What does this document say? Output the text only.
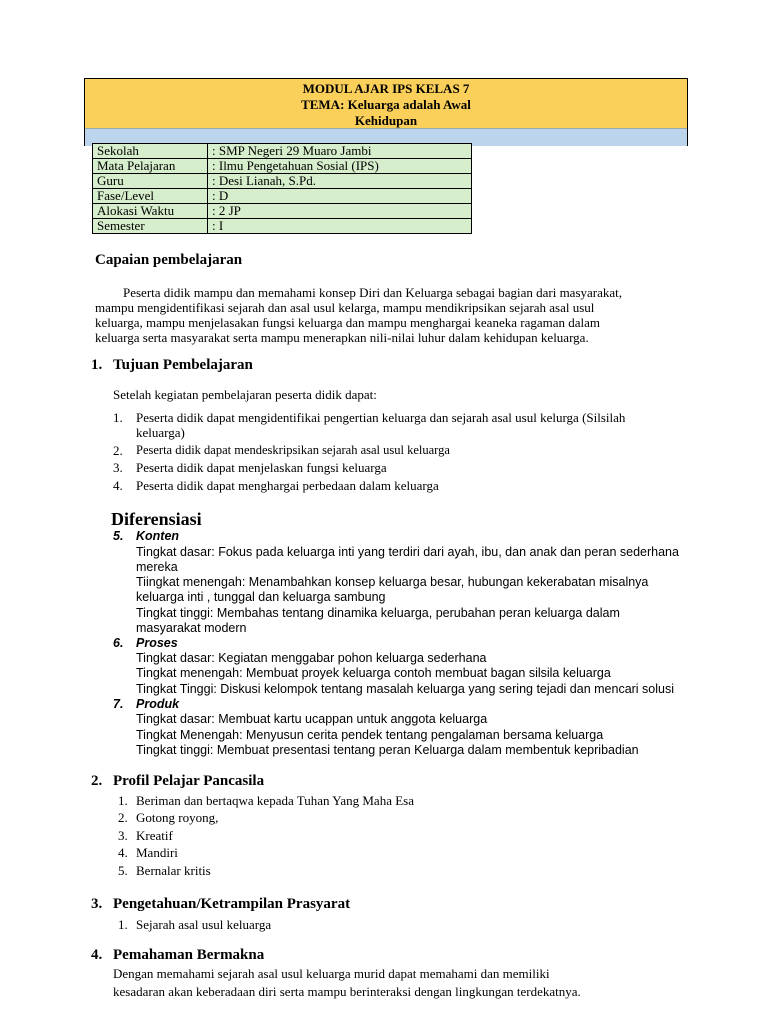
MODUL AJAR IPS KELAS 7
TEMA: Keluarga adalah Awal
Kehidupan
Sekolah	: SMP Negeri 29 Muaro Jambi
Mata Pelajaran	: Ilmu Pengetahuan Sosial (IPS)
Guru	: Desi Lianah, S.Pd.
Fase/Level	: D
Alokasi Waktu	: 2 JP
Semester	: I
Capaian pembelajaran
Peserta didik mampu dan memahami konsep Diri dan Keluarga sebagai bagian dari masyarakat,
mampu mengidentifikasi sejarah dan asal usul kelarga, mampu mendikripsikan sejarah asal usul
keluarga, mampu menjelasakan fungsi keluarga dan mampu menghargai keaneka ragaman dalam
keluarga serta masyarakat serta mampu menerapkan nili-nilai luhur dalam kehidupan keluarga.
1. Tujuan Pembelajaran
Setelah kegiatan pembelajaran peserta didik dapat:
1. Peserta didik dapat mengidentifikai pengertian keluarga dan sejarah asal usul kelurga (Silsilah
keluarga)
2. Peserta didik dapat mendeskripsikan sejarah asal usul keluarga
3. Peserta didik dapat menjelaskan fungsi keluarga
4. Peserta didik dapat menghargai perbedaan dalam keluarga
Diferensiasi
5. Konten
Tingkat dasar: Fokus pada keluarga inti yang terdiri dari ayah, ibu, dan anak dan peran sederhana
mereka
Tiingkat menengah: Menambahkan konsep keluarga besar, hubungan kekerabatan misalnya
keluarga inti , tunggal dan keluarga sambung
Tingkat tinggi: Membahas tentang dinamika keluarga, perubahan peran keluarga dalam
masyarakat modern
6. Proses
Tingkat dasar: Kegiatan menggabar pohon keluarga sederhana
Tingkat menengah: Membuat proyek keluarga contoh membuat bagan silsila keluarga
Tingkat Tinggi: Diskusi kelompok tentang masalah keluarga yang sering tejadi dan mencari solusi
7. Produk
Tingkat dasar: Membuat kartu ucappan untuk anggota keluarga
Tingkat Menengah: Menyusun cerita pendek tentang pengalaman bersama keluarga
Tingkat tinggi: Membuat presentasi tentang peran Keluarga dalam membentuk kepribadian
2. Profil Pelajar Pancasila
1. Beriman dan bertaqwa kepada Tuhan Yang Maha Esa
2. Gotong royong,
3. Kreatif
4. Mandiri
5. Bernalar kritis
3. Pengetahuan/Ketrampilan Prasyarat
1. Sejarah asal usul keluarga
4. Pemahaman Bermakna
Dengan memahami sejarah asal usul keluarga murid dapat memahami dan memiliki
kesadaran akan keberadaan diri serta mampu berinteraksi dengan lingkungan terdekatnya.
